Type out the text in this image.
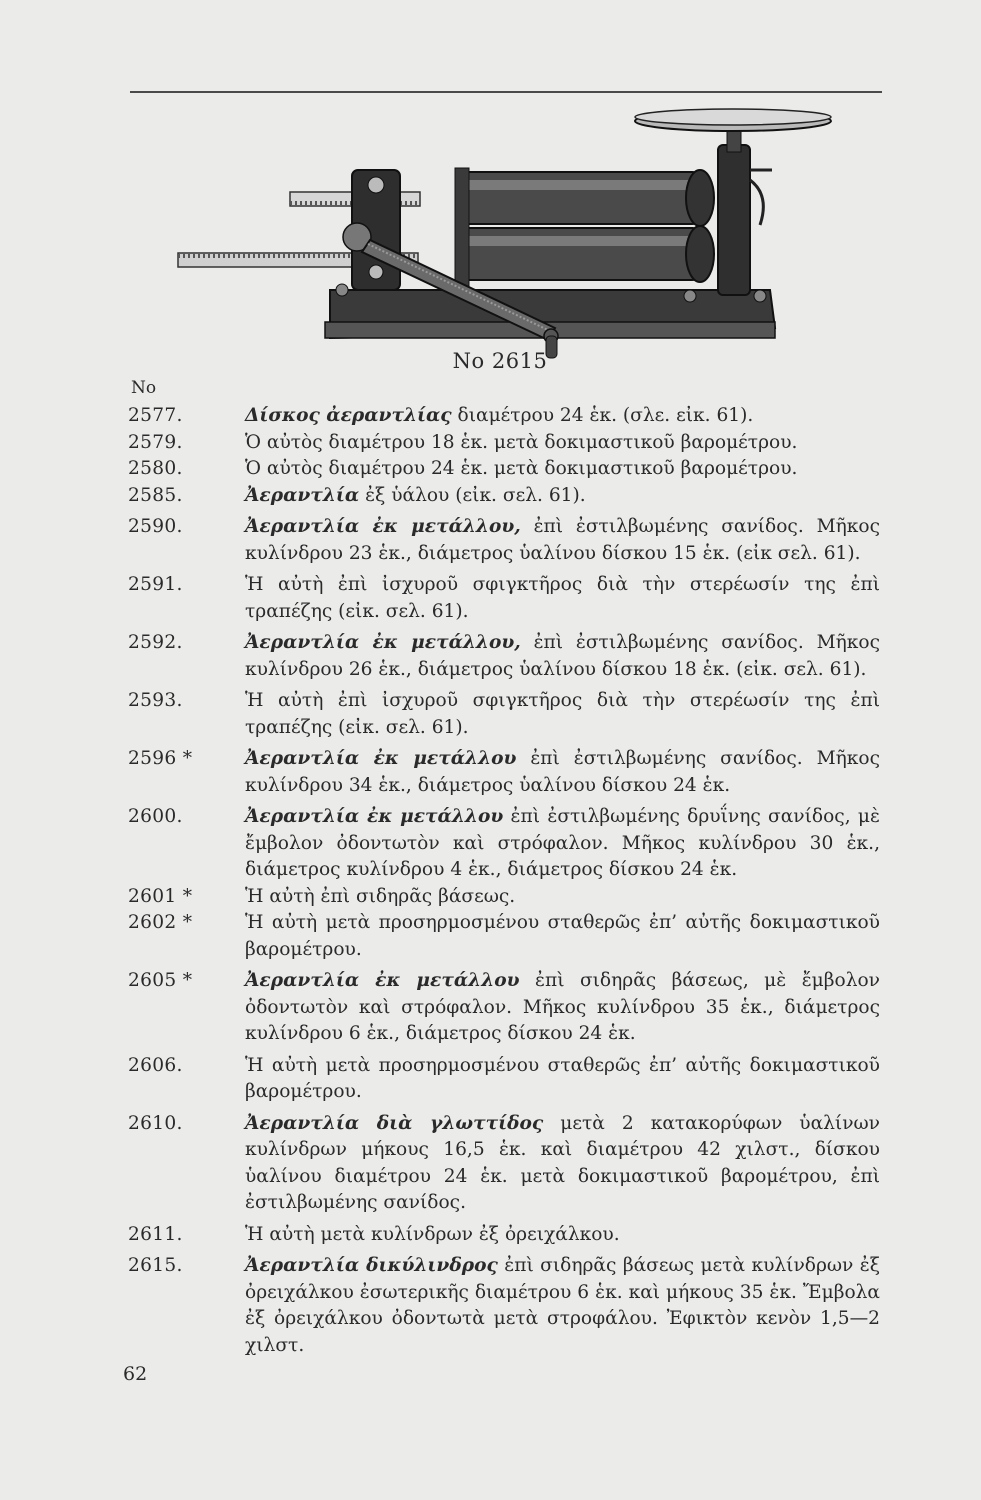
No 2615
No
2577.	Δίσκος ἀεραντλίας διαμέτρου 24 ἑκ. (σλε. εἰκ. 61).
2579.	Ὁ αὐτὸς διαμέτρου 18 ἑκ. μετὰ δοκιμαστικοῦ βαρομέτρου.
2580.	Ὁ αὐτὸς διαμέτρου 24 ἑκ. μετὰ δοκιμαστικοῦ βαρομέτρου.
2585.	Ἀεραντλία ἐξ ὑάλου (εἰκ. σελ. 61).
2590.	Ἀεραντλία ἐκ μετάλλου, ἐπὶ ἐστιλβωμένης σανίδος. Μῆκος κυλίνδρου 23 ἑκ., διάμετρος ὑαλίνου δίσκου 15 ἑκ. (εἰκ σελ. 61).
2591.	Ἡ αὐτὴ ἐπὶ ἰσχυροῦ σφιγκτῆρος διὰ τὴν στερέωσίν της ἐπὶ τραπέζης (εἰκ. σελ. 61).
2592.	Ἀεραντλία ἐκ μετάλλου, ἐπὶ ἐστιλβωμένης σανίδος. Μῆκος κυλίνδρου 26 ἑκ., διάμετρος ὑαλίνου δίσκου 18 ἑκ. (εἰκ. σελ. 61).
2593.	Ἡ αὐτὴ ἐπὶ ἰσχυροῦ σφιγκτῆρος διὰ τὴν στερέωσίν της ἐπὶ τραπέζης (εἰκ. σελ. 61).
2596 *	Ἀεραντλία ἐκ μετάλλου ἐπὶ ἐστιλβωμένης σανίδος. Μῆκος κυλίνδρου 34 ἑκ., διάμετρος ὑαλίνου δίσκου 24 ἑκ.
2600.	Ἀεραντλία ἐκ μετάλλου ἐπὶ ἐστιλβωμένης δρυΐνης σανίδος, μὲ ἔμβολον ὀδοντωτὸν καὶ στρόφαλον. Μῆκος κυλίνδρου 30 ἑκ., διάμετρος κυλίνδρου 4 ἑκ., διάμετρος δίσκου 24 ἑκ.
2601 *	Ἡ αὐτὴ ἐπὶ σιδηρᾶς βάσεως.
2602 *	Ἡ αὐτὴ μετὰ προσηρμοσμένου σταθερῶς ἐπ’ αὐτῆς δοκιμαστικοῦ βαρομέτρου.
2605 *	Ἀεραντλία ἐκ μετάλλου ἐπὶ σιδηρᾶς βάσεως, μὲ ἔμβολον ὀδοντωτὸν καὶ στρόφαλον. Μῆκος κυλίνδρου 35 ἑκ., διάμετρος κυλίνδρου 6 ἑκ., διάμετρος δίσκου 24 ἑκ.
2606.	Ἡ αὐτὴ μετὰ προσηρμοσμένου σταθερῶς ἐπ’ αὐτῆς δοκιμαστικοῦ βαρομέτρου.
2610.	Ἀεραντλία διὰ γλωττίδος μετὰ 2 κατακορύφων ὑαλίνων κυλίνδρων μήκους 16,5 ἑκ. καὶ διαμέτρου 42 χιλστ., δίσκου ὑαλίνου διαμέτρου 24 ἑκ. μετὰ δοκιμαστικοῦ βαρομέτρου, ἐπὶ ἐστιλβωμένης σανίδος.
2611.	Ἡ αὐτὴ μετὰ κυλίνδρων ἐξ ὀρειχάλκου.
2615.	Ἀεραντλία δικύλινδρος ἐπὶ σιδηρᾶς βάσεως μετὰ κυλίνδρων ἐξ ὀρειχάλκου ἐσωτερικῆς διαμέτρου 6 ἑκ. καὶ μήκους 35 ἑκ. Ἔμβολα ἐξ ὀρειχάλκου ὀδοντωτὰ μετὰ στροφάλου. Ἐφικτὸν κενὸν 1,5—2 χιλστ.
62
